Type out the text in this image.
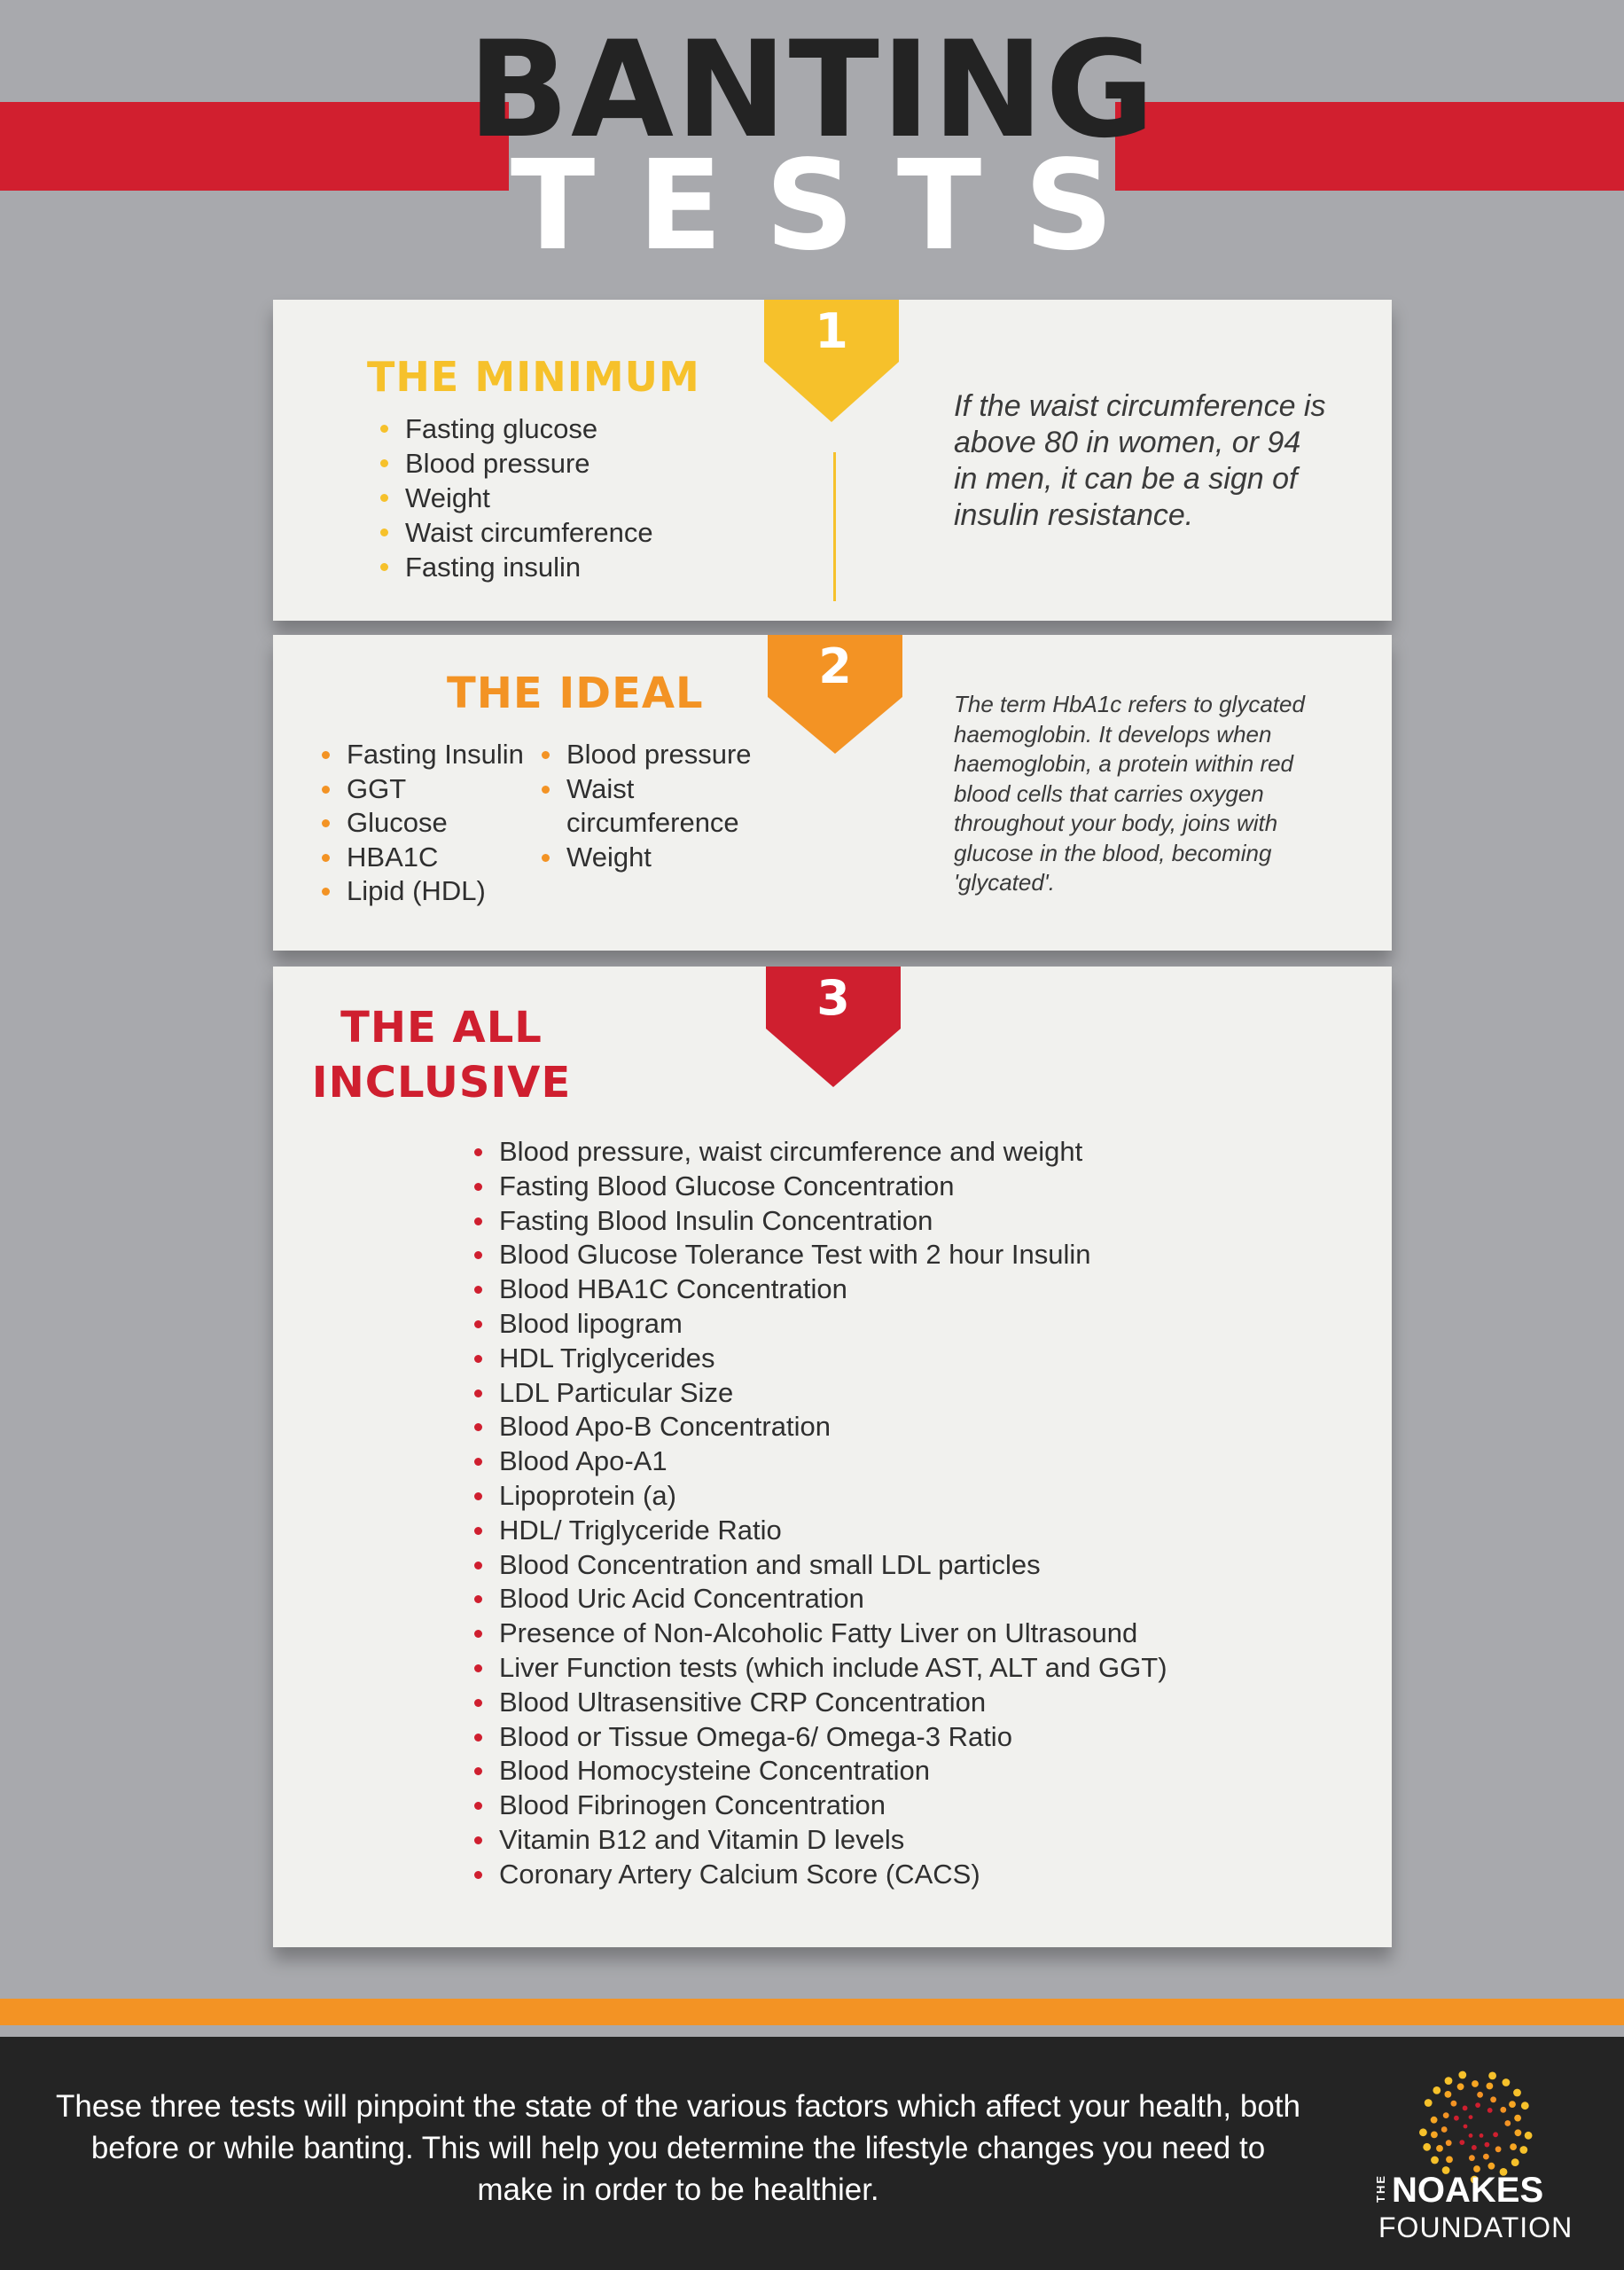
BANTING
TESTS
1
THE MINIMUM
Fasting glucose
Blood pressure
Weight
Waist circumference
Fasting insulin
If the waist circumference is above 80 in women, or 94 in men, it can be a sign of insulin resistance.
2
THE IDEAL
Fasting Insulin
GGT
Glucose
HBA1C
Lipid (HDL)
Blood pressure
Waist circumference
Weight
The term HbA1c refers to glycated haemoglobin. It develops when haemoglobin, a protein within red blood cells that carries oxygen throughout your body, joins with glucose in the blood, becoming 'glycated'.
3
THE ALL
INCLUSIVE
Blood pressure, waist circumference and weight
Fasting Blood Glucose Concentration
Fasting Blood Insulin Concentration
Blood Glucose Tolerance Test with 2 hour Insulin
Blood HBA1C Concentration
Blood lipogram
HDL Triglycerides
LDL Particular Size
Blood Apo-B Concentration
Blood Apo-A1
Lipoprotein (a)
HDL/ Triglyceride Ratio
Blood Concentration and small LDL particles
Blood Uric Acid Concentration
Presence of Non-Alcoholic Fatty Liver on Ultrasound
Liver Function tests (which include AST, ALT and GGT)
Blood Ultrasensitive CRP Concentration
Blood or Tissue Omega-6/ Omega-3 Ratio
Blood Homocysteine Concentration
Blood Fibrinogen Concentration
Vitamin B12 and Vitamin D levels
Coronary Artery Calcium Score (CACS)
These three tests will pinpoint the state of the various factors which affect your health, both before or while banting. This will help you determine the lifestyle changes you need to make in order to be healthier.	THE NOAKES
FOUNDATION
